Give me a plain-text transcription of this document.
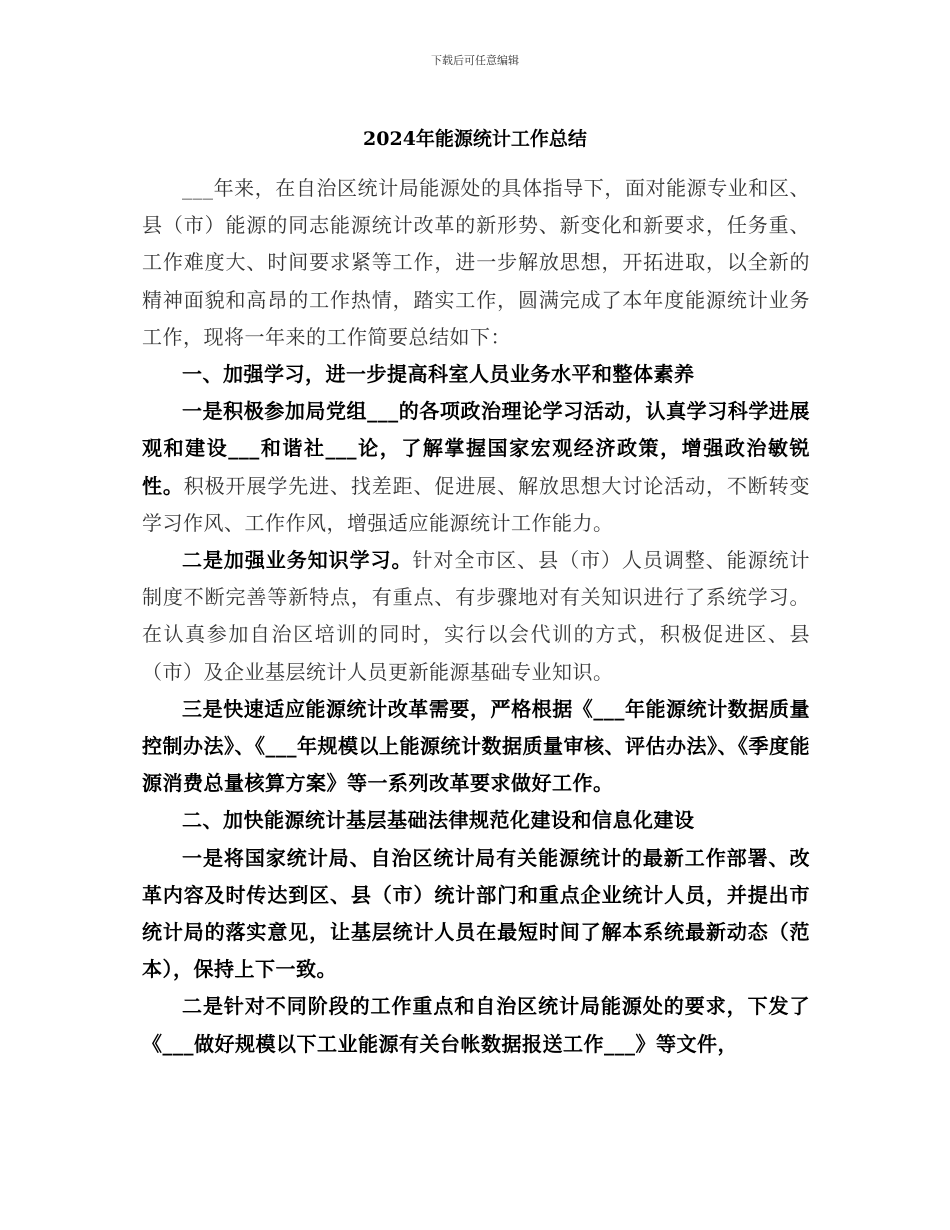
下载后可任意编辑
2024年能源统计工作总结

___年来，在自治区统计局能源处的具体指导下，面对能源专业和区、县（市）能源的同志能源统计改革的新形势、新变化和新要求，任务重、工作难度大、时间要求紧等工作，进一步解放思想，开拓进取，以全新的精神面貌和高昂的工作热情，踏实工作，圆满完成了本年度能源统计业务工作，现将一年来的工作简要总结如下：

一、加强学习，进一步提高科室人员业务水平和整体素养

一是积极参加局党组___的各项政治理论学习活动，认真学习科学进展观和建设___和谐社___论，了解掌握国家宏观经济政策，增强政治敏锐性。积极开展学先进、找差距、促进展、解放思想大讨论活动，不断转变学习作风、工作作风，增强适应能源统计工作能力。

二是加强业务知识学习。针对全市区、县（市）人员调整、能源统计制度不断完善等新特点，有重点、有步骤地对有关知识进行了系统学习。在认真参加自治区培训的同时，实行以会代训的方式，积极促进区、县（市）及企业基层统计人员更新能源基础专业知识。

三是快速适应能源统计改革需要，严格根据《___年能源统计数据质量控制办法》、《___年规模以上能源统计数据质量审核、评估办法》、《季度能源消费总量核算方案》等一系列改革要求做好工作。

二、加快能源统计基层基础法律规范化建设和信息化建设

一是将国家统计局、自治区统计局有关能源统计的最新工作部署、改革内容及时传达到区、县（市）统计部门和重点企业统计人员，并提出市统计局的落实意见，让基层统计人员在最短时间了解本系统最新动态（范本），保持上下一致。

二是针对不同阶段的工作重点和自治区统计局能源处的要求，下发了《___做好规模以下工业能源有关台帐数据报送工作___》等文件，
